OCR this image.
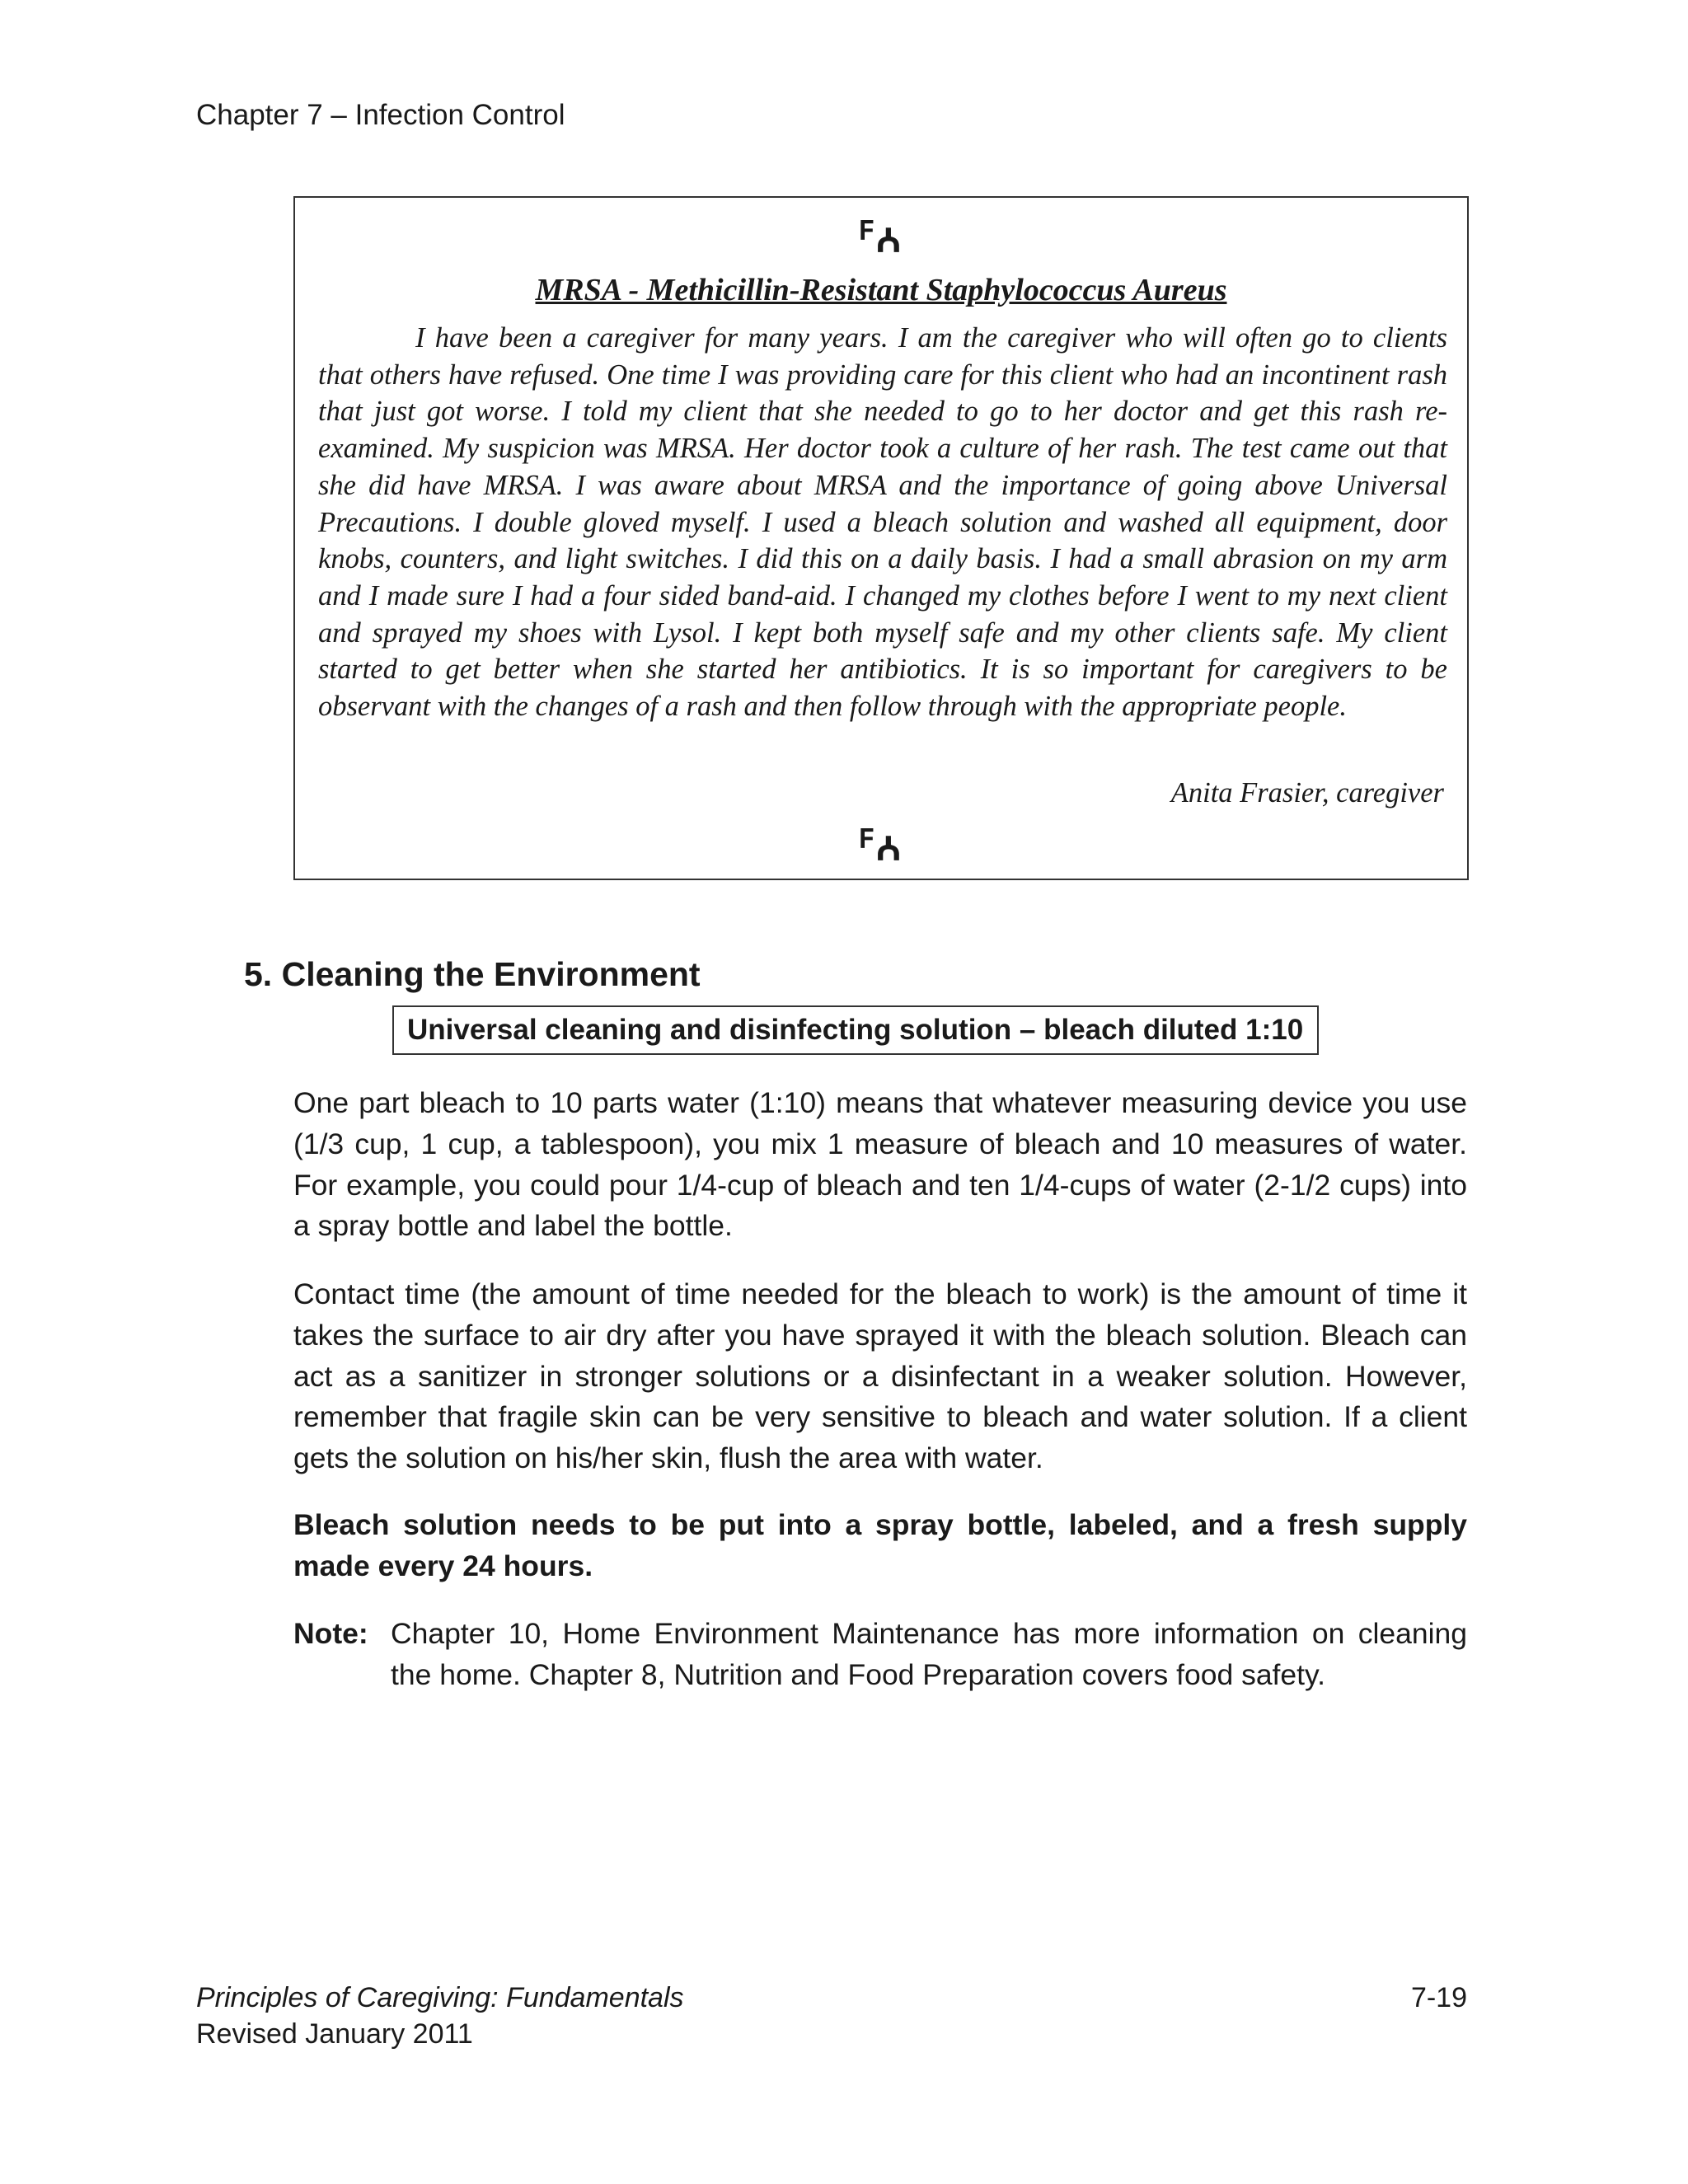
Chapter 7 – Infection Control
ꟳꭅ
MRSA - Methicillin-Resistant Staphylococcus Aureus

I have been a caregiver for many years. I am the caregiver who will often go to clients that others have refused. One time I was providing care for this client who had an incontinent rash that just got worse. I told my client that she needed to go to her doctor and get this rash re-examined. My suspicion was MRSA. Her doctor took a culture of her rash. The test came out that she did have MRSA. I was aware about MRSA and the importance of going above Universal Precautions. I double gloved myself. I used a bleach solution and washed all equipment, door knobs, counters, and light switches. I did this on a daily basis. I had a small abrasion on my arm and I made sure I had a four sided band-aid. I changed my clothes before I went to my next client and sprayed my shoes with Lysol. I kept both myself safe and my other clients safe. My client started to get better when she started her antibiotics. It is so important for caregivers to be observant with the changes of a rash and then follow through with the appropriate people.

Anita Frasier, caregiver
ꟳꭅ
5. Cleaning the Environment
Universal cleaning and disinfecting solution – bleach diluted 1:10

One part bleach to 10 parts water (1:10) means that whatever measuring device you use (1/3 cup, 1 cup, a tablespoon), you mix 1 measure of bleach and 10 measures of water. For example, you could pour 1/4-cup of bleach and ten 1/4-cups of water (2-1/2 cups) into a spray bottle and label the bottle.

Contact time (the amount of time needed for the bleach to work) is the amount of time it takes the surface to air dry after you have sprayed it with the bleach solution. Bleach can act as a sanitizer in stronger solutions or a disinfectant in a weaker solution. However, remember that fragile skin can be very sensitive to bleach and water solution. If a client gets the solution on his/her skin, flush the area with water.

Bleach solution needs to be put into a spray bottle, labeled, and a fresh supply made every 24 hours.

Note: Chapter 10, Home Environment Maintenance has more information on cleaning the home. Chapter 8, Nutrition and Food Preparation covers food safety.

Principles of Caregiving: Fundamentals	7-19
Revised January 2011
